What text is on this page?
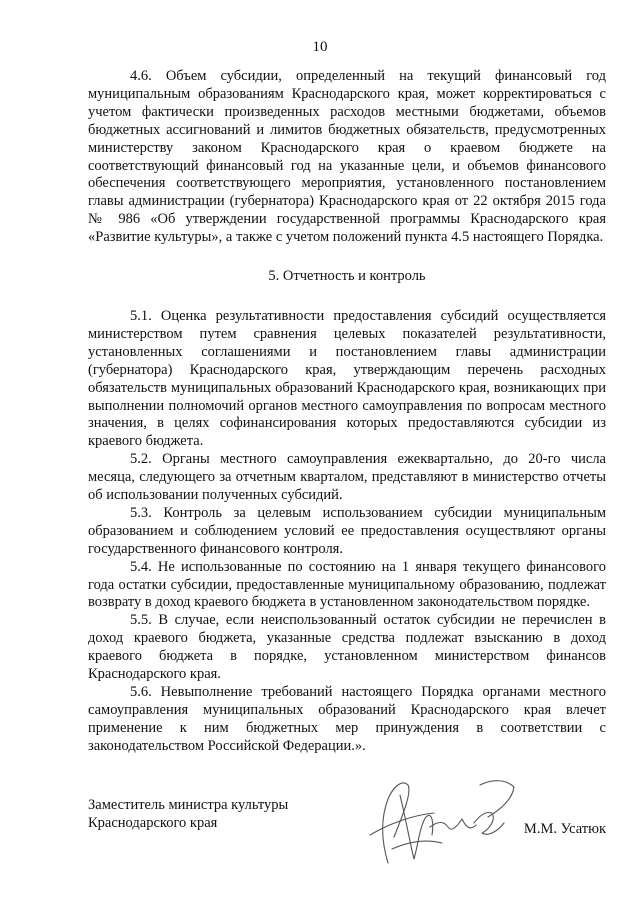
10

4.6. Объем субсидии, определенный на текущий финансовый год муниципальным образованиям Краснодарского края, может корректироваться с учетом фактически произведенных расходов местными бюджетами, объемов бюджетных ассигнований и лимитов бюджетных обязательств, предусмотренных министерству законом Краснодарского края о краевом бюджете на соответствующий финансовый год на указанные цели, и объемов финансового обеспечения соответствующего мероприятия, установленного постановлением главы администрации (губернатора) Краснодарского края от 22 октября 2015 года № 986 «Об утверждении государственной программы Краснодарского края «Развитие культуры», а также с учетом положений пункта 4.5 настоящего Порядка.

5. Отчетность и контроль

5.1. Оценка результативности предоставления субсидий осуществляется министерством путем сравнения целевых показателей результативности, установленных соглашениями и постановлением главы администрации (губернатора) Краснодарского края, утверждающим перечень расходных обязательств муниципальных образований Краснодарского края, возникающих при выполнении полномочий органов местного самоуправления по вопросам местного значения, в целях софинансирования которых предоставляются субсидии из краевого бюджета.

5.2. Органы местного самоуправления ежеквартально, до 20-го числа месяца, следующего за отчетным кварталом, представляют в министерство отчеты об использовании полученных субсидий.

5.3. Контроль за целевым использованием субсидии муниципальным образованием и соблюдением условий ее предоставления осуществляют органы государственного финансового контроля.

5.4. Не использованные по состоянию на 1 января текущего финансового года остатки субсидии, предоставленные муниципальному образованию, подлежат возврату в доход краевого бюджета в установленном законодательством порядке.

5.5. В случае, если неиспользованный остаток субсидии не перечислен в доход краевого бюджета, указанные средства подлежат взысканию в доход краевого бюджета в порядке, установленном министерством финансов Краснодарского края.

5.6. Невыполнение требований настоящего Порядка органами местного самоуправления муниципальных образований Краснодарского края влечет применение к ним бюджетных мер принуждения в соответствии с законодательством Российской Федерации.».

Заместитель министра культуры
Краснодарского края	М.М. Усатюк
